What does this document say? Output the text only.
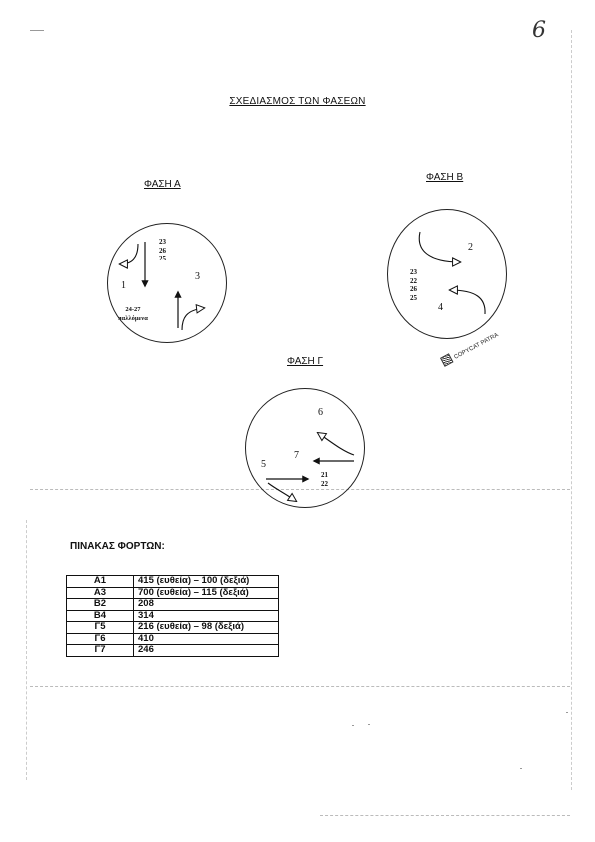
6
ΣΧΕΔΙΑΣΜΟΣ ΤΩΝ ΦΑΣΕΩΝ
ΦΑΣΗ Α
1
3
23
26
25
24-27
παλλόμενα
ΦΑΣΗ Β
2
4
23
22
26
25
COPYCAT PATRA
ΦΑΣΗ Γ
6
7
5
21
22
ΠΙΝΑΚΑΣ ΦΟΡΤΩΝ:
Α1	415 (ευθεία) – 100 (δεξιά)
Α3	700 (ευθεία) – 115 (δεξιά)
Β2	208
Β4	314
Γ5	216 (ευθεία) – 98 (δεξιά)
Γ6	410
Γ7	246
